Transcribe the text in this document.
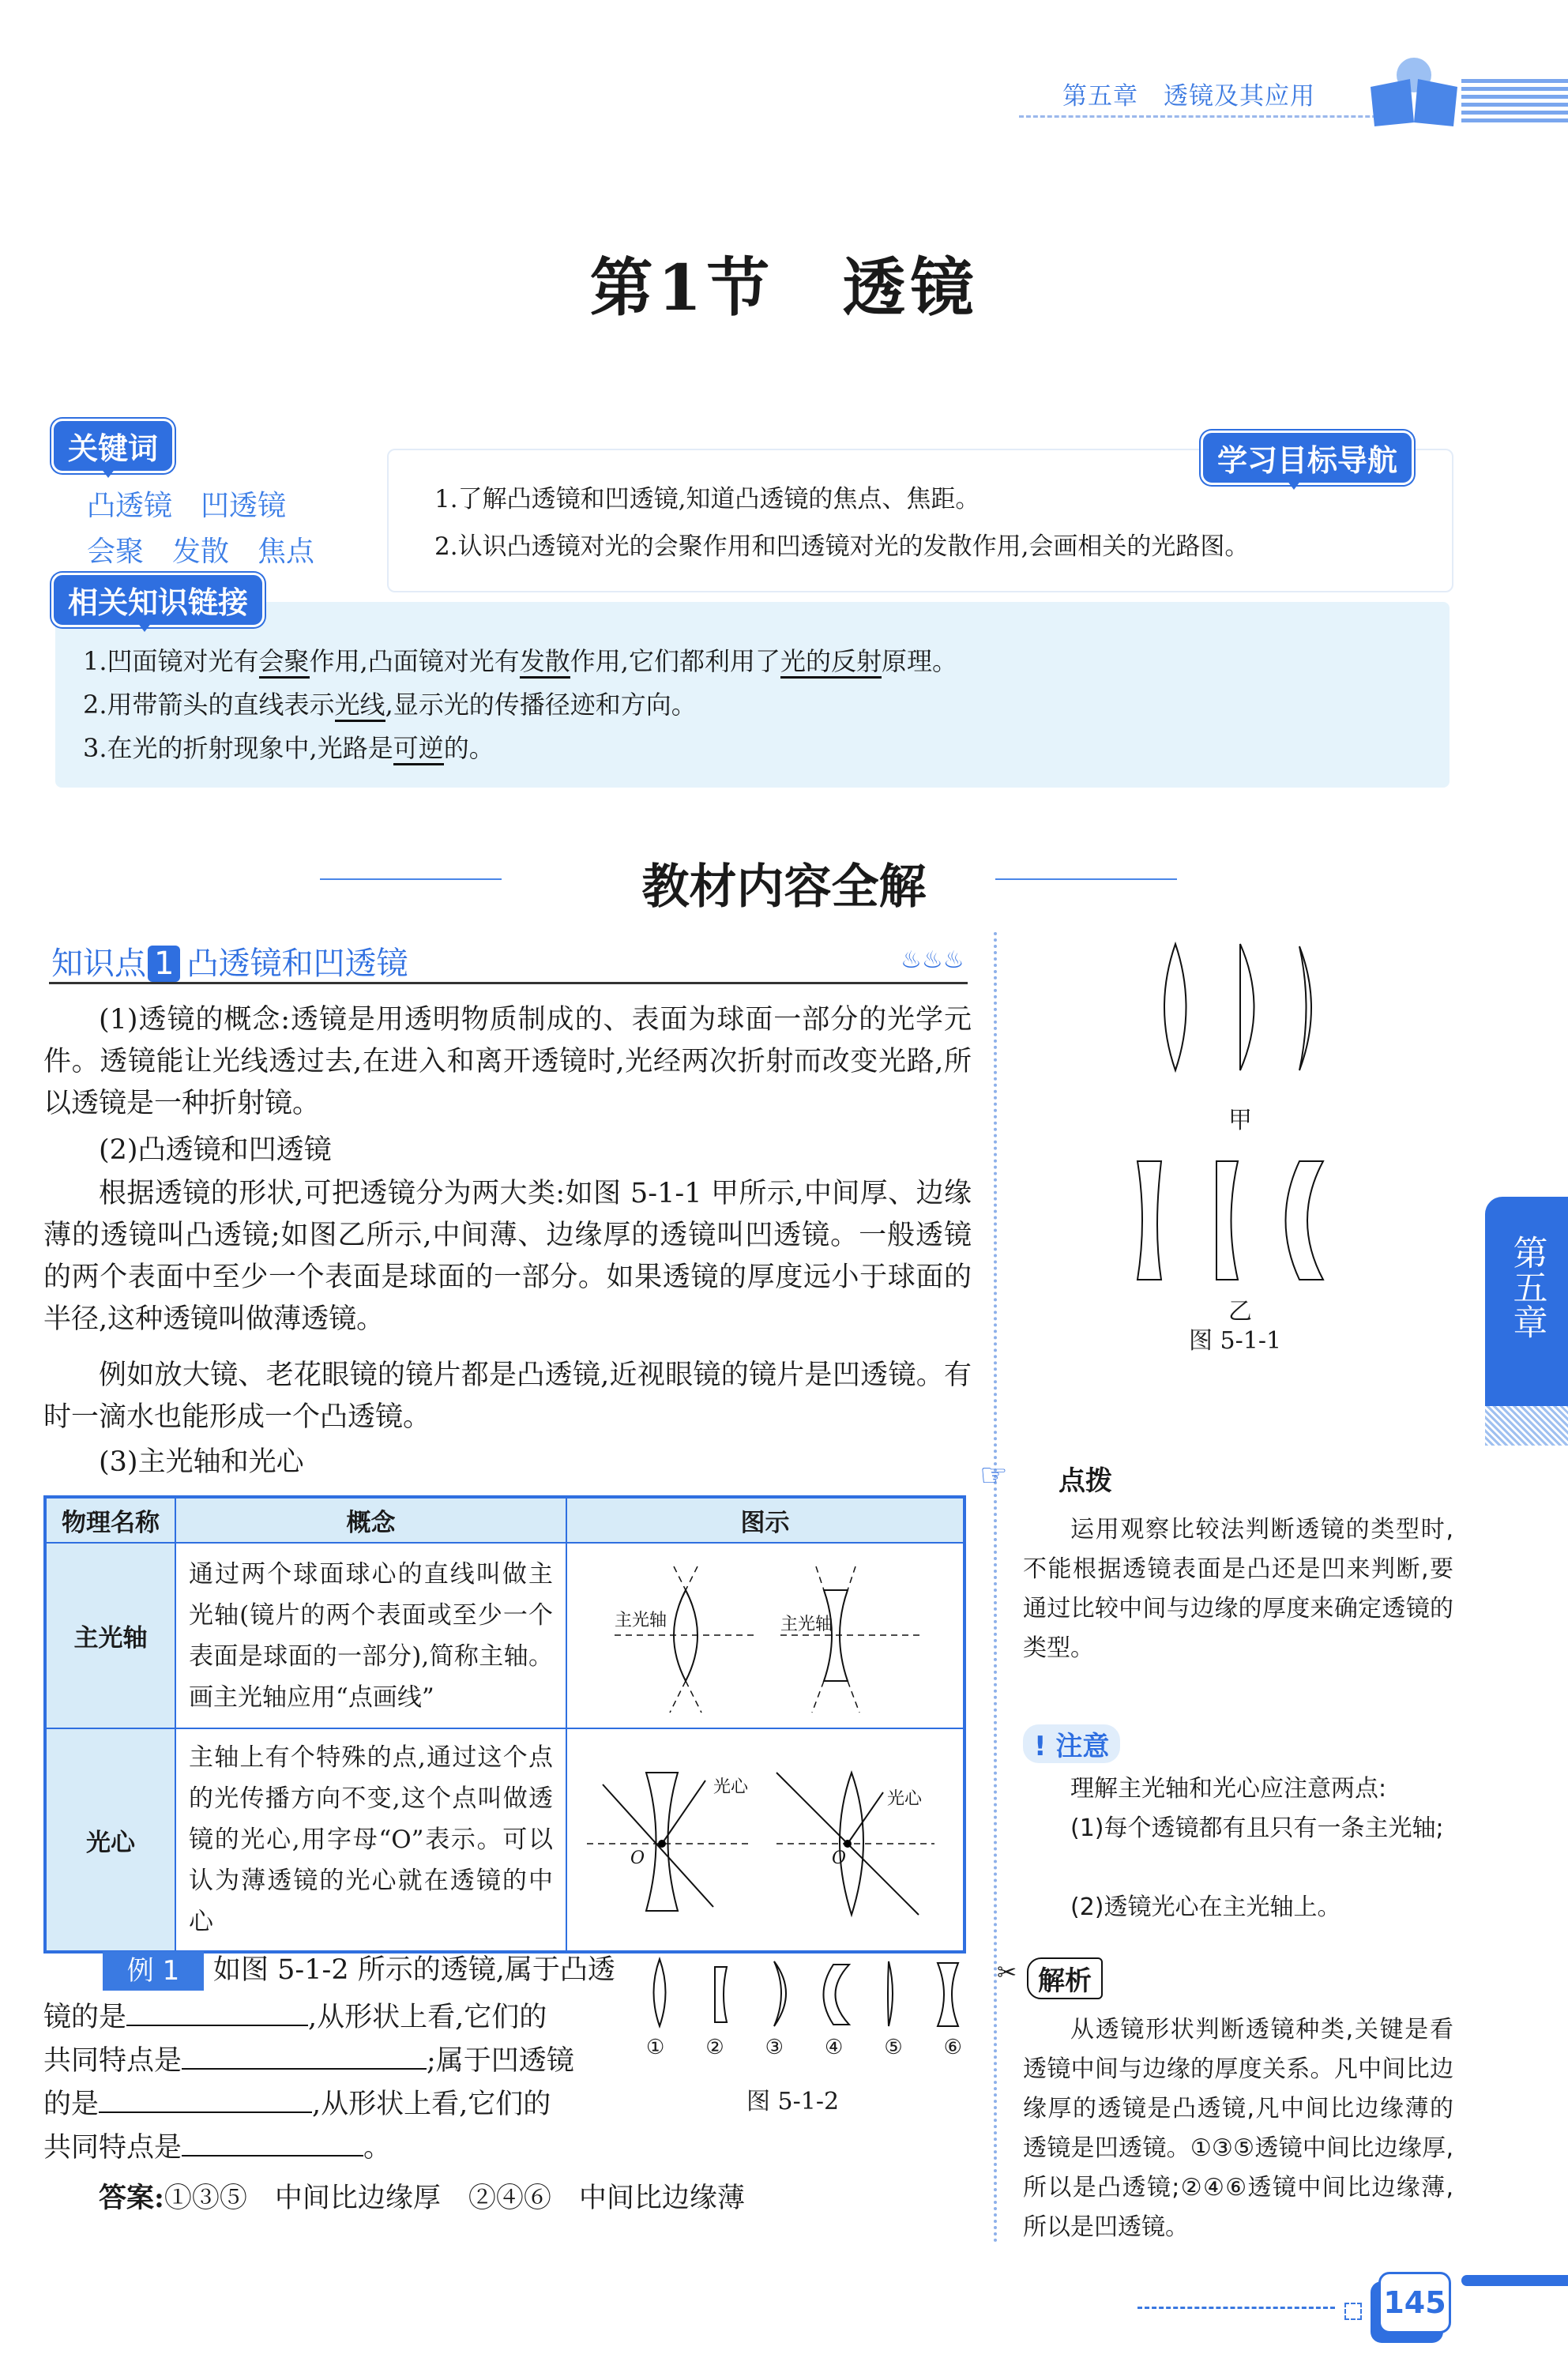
第五章　 透镜及其应用
第1节　透镜
关键词
凸透镜　凹透镜
会聚　发散　焦点
学习目标导航
1.了解凸透镜和凹透镜,知道凸透镜的焦点、焦距。
2.认识凸透镜对光的会聚作用和凹透镜对光的发散作用,会画相关的光路图。
相关知识链接
1.凹面镜对光有会聚作用,凸面镜对光有发散作用,它们都利用了光的反射原理。
2.用带箭头的直线表示光线,显示光的传播径迹和方向。
3.在光的折射现象中,光路是可逆的。
教材内容全解
知识点 1 凸透镜和凹透镜	♨♨♨
(1)透镜的概念:透镜是用透明物质制成的、表面为球面一部分的光学元件。透镜能让光线透过去,在进入和离开透镜时,光经两次折射而改变光路,所以透镜是一种折射镜。
(2)凸透镜和凹透镜
根据透镜的形状,可把透镜分为两大类:如图 5-1-1 甲所示,中间厚、边缘薄的透镜叫凸透镜;如图乙所示,中间薄、边缘厚的透镜叫凹透镜。一般透镜的两个表面中至少一个表面是球面的一部分。如果透镜的厚度远小于球面的半径,这种透镜叫做薄透镜。
例如放大镜、老花眼镜的镜片都是凸透镜,近视眼镜的镜片是凹透镜。有时一滴水也能形成一个凸透镜。
(3)主光轴和光心
物理名称	概念	图示
主光轴	通过两个球面球心的直线叫做主光轴(镜片的两个表面或至少一个表面是球面的一部分),简称主轴。画主光轴应用“点画线”	主光轴 主光轴

光心	主轴上有个特殊的点,通过这个点的光传播方向不变,这个点叫做透镜的光心,用字母“O”表示。可以认为薄透镜的光心就在透镜的中心	光心
光心
O O
甲
乙
图 5-1-1
第五章
☞ 点拨
运用观察比较法判断透镜的类型时,不能根据透镜表面是凸还是凹来判断,要通过比较中间与边缘的厚度来确定透镜的类型。
! 注意
理解主光轴和光心应注意两点:
(1)每个透镜都有且只有一条主光轴;
(2)透镜光心在主光轴上。
✂ 解析
从透镜形状判断透镜种类,关键是看透镜中间与边缘的厚度关系。凡中间比边缘厚的透镜是凸透镜,凡中间比边缘薄的透镜是凹透镜。①③⑤透镜中间比边缘厚,所以是凸透镜;②④⑥透镜中间比边缘薄,所以是凹透镜。
例 1	如图 5-1-2 所示的透镜,属于凸透
镜的是	,从形状上看,它们的
共同特点是	;属于凹透镜
的是	,从形状上看,它们的
共同特点是	。
① ② ③ ④ ⑤ ⑥
图 5-1-2
答案:①③⑤　中间比边缘厚　②④⑥　中间比边缘薄
145
